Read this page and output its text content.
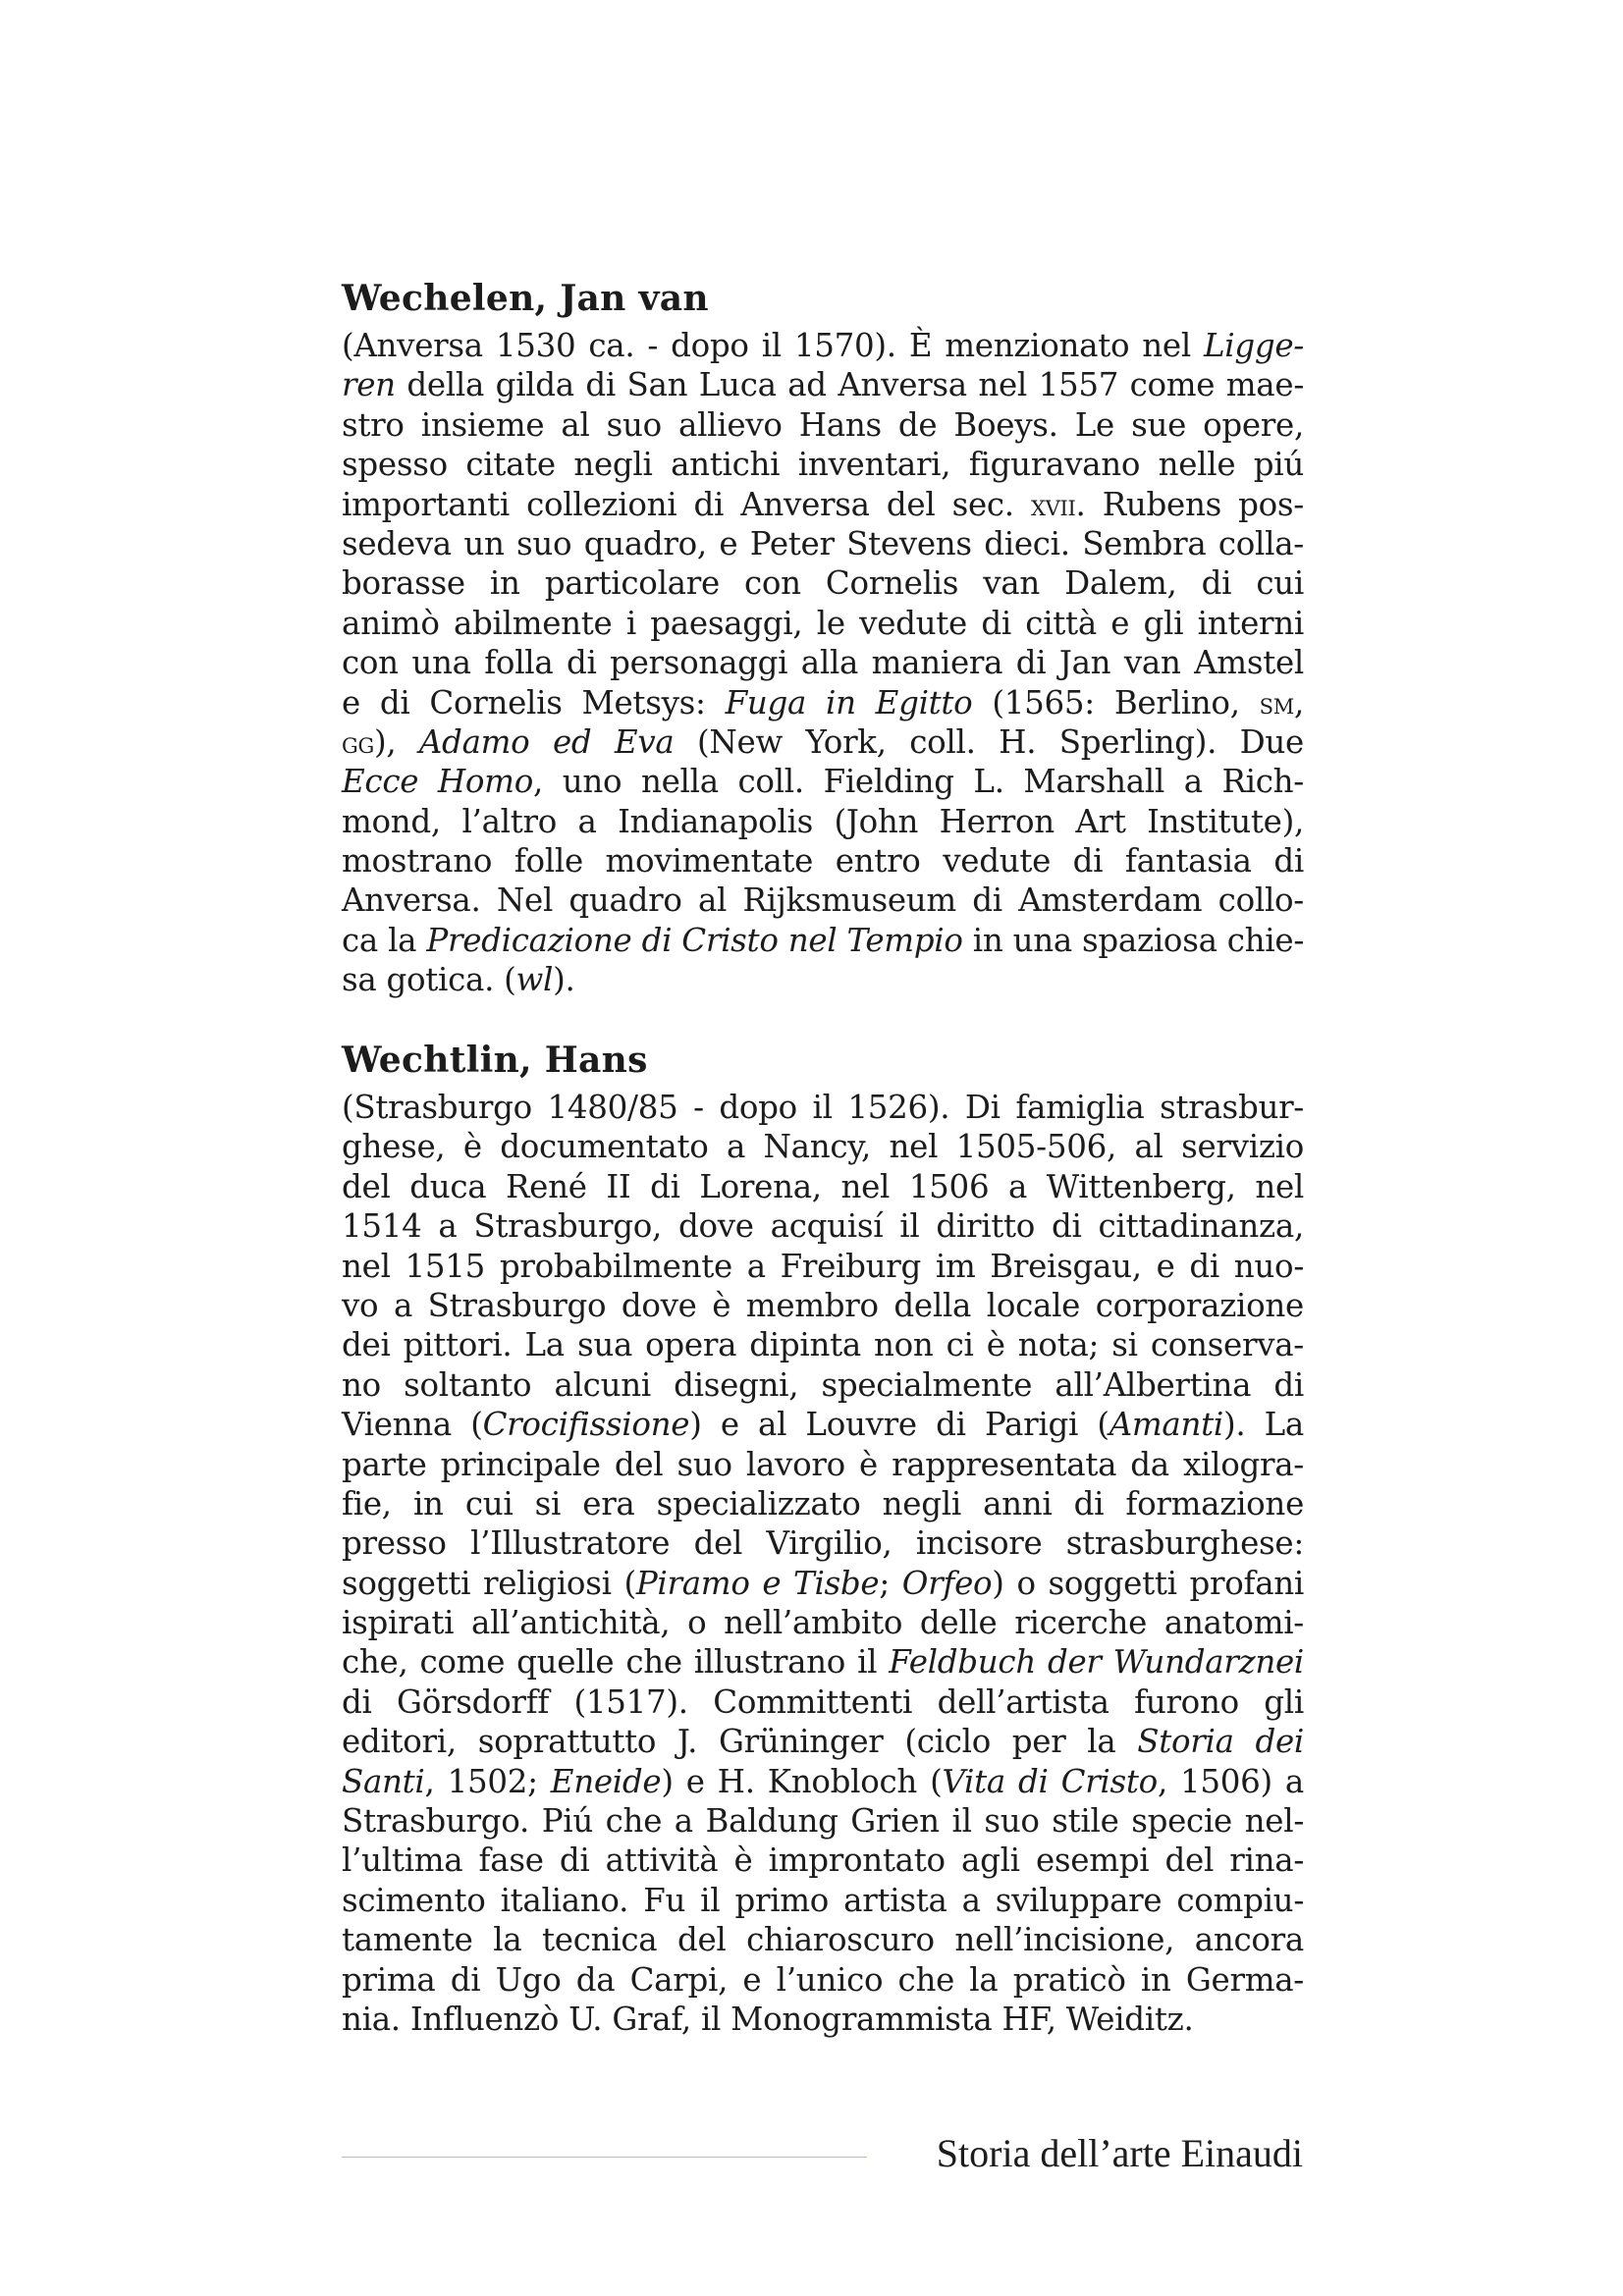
Wechelen, Jan van
(Anversa 1530 ca. - dopo il 1570). È menzionato nel Ligge-
ren della gilda di San Luca ad Anversa nel 1557 come mae-
stro insieme al suo allievo Hans de Boeys. Le sue opere,
spesso citate negli antichi inventari, figuravano nelle piú
importanti collezioni di Anversa del sec. xvii. Rubens pos-
sedeva un suo quadro, e Peter Stevens dieci. Sembra colla-
borasse in particolare con Cornelis van Dalem, di cui
animò abilmente i paesaggi, le vedute di città e gli interni
con una folla di personaggi alla maniera di Jan van Amstel
e di Cornelis Metsys: Fuga in Egitto (1565: Berlino, sm,
gg), Adamo ed Eva (New York, coll. H. Sperling). Due
Ecce Homo, uno nella coll. Fielding L. Marshall a Rich-
mond, l’altro a Indianapolis (John Herron Art Institute),
mostrano folle movimentate entro vedute di fantasia di
Anversa. Nel quadro al Rijksmuseum di Amsterdam collo-
ca la Predicazione di Cristo nel Tempio in una spaziosa chie-
sa gotica. (wl).
Wechtlin, Hans
(Strasburgo 1480/85 - dopo il 1526). Di famiglia strasbur-
ghese, è documentato a Nancy, nel 1505-506, al servizio
del duca René II di Lorena, nel 1506 a Wittenberg, nel
1514 a Strasburgo, dove acquisí il diritto di cittadinanza,
nel 1515 probabilmente a Freiburg im Breisgau, e di nuo-
vo a Strasburgo dove è membro della locale corporazione
dei pittori. La sua opera dipinta non ci è nota; si conserva-
no soltanto alcuni disegni, specialmente all’Albertina di
Vienna (Crocifissione) e al Louvre di Parigi (Amanti). La
parte principale del suo lavoro è rappresentata da xilogra-
fie, in cui si era specializzato negli anni di formazione
presso l’Illustratore del Virgilio, incisore strasburghese:
soggetti religiosi (Piramo e Tisbe; Orfeo) o soggetti profani
ispirati all’antichità, o nell’ambito delle ricerche anatomi-
che, come quelle che illustrano il Feldbuch der Wundarznei
di Görsdorff (1517). Committenti dell’artista furono gli
editori, soprattutto J. Grüninger (ciclo per la Storia dei
Santi, 1502; Eneide) e H. Knobloch (Vita di Cristo, 1506) a
Strasburgo. Piú che a Baldung Grien il suo stile specie nel-
l’ultima fase di attività è improntato agli esempi del rina-
scimento italiano. Fu il primo artista a sviluppare compiu-
tamente la tecnica del chiaroscuro nell’incisione, ancora
prima di Ugo da Carpi, e l’unico che la praticò in Germa-
nia. Influenzò U. Graf, il Monogrammista HF, Weiditz.
Storia dell’arte Einaudi
